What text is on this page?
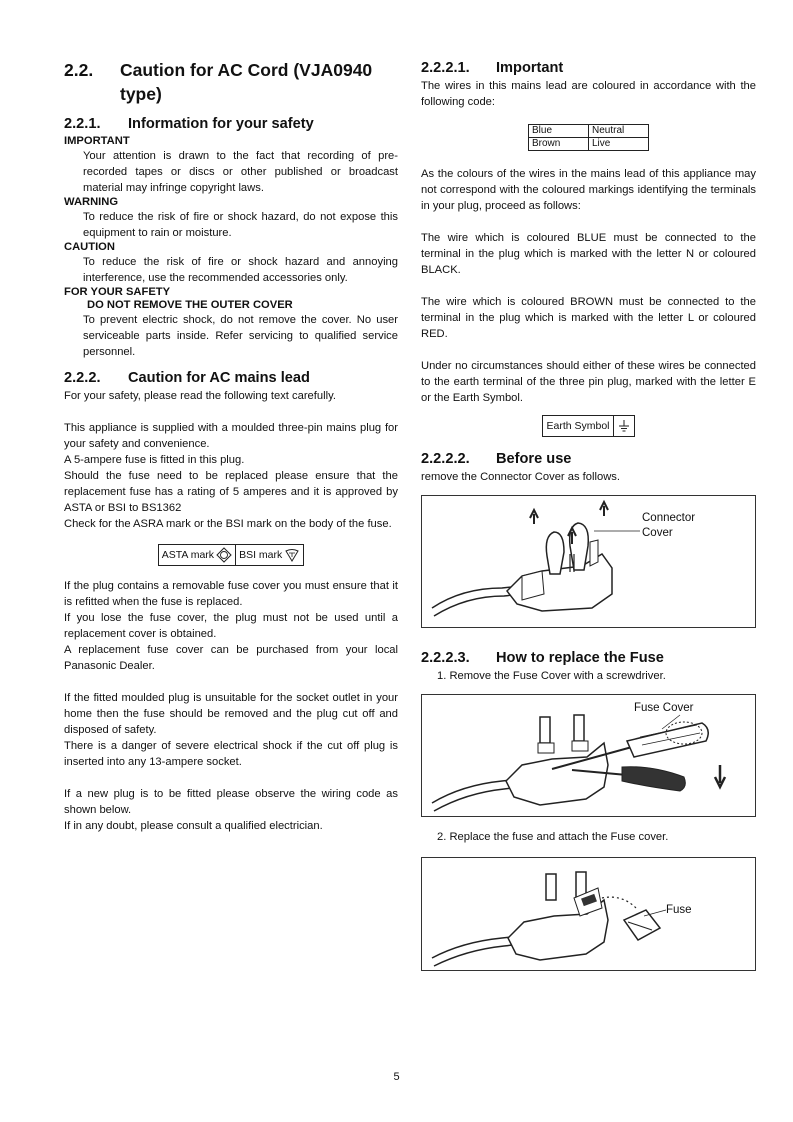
2.2.	Caution for AC Cord (VJA0940 type)
2.2.1.	Information for your safety

IMPORTANT

Your attention is drawn to the fact that recording of pre-recorded tapes or discs or other published or broadcast material may infringe copyright laws.

WARNING

To reduce the risk of fire or shock hazard, do not expose this equipment to rain or moisture.

CAUTION

To reduce the risk of fire or shock hazard and annoying interference, use the recommended accessories only.

FOR YOUR SAFETY

DO NOT REMOVE THE OUTER COVER

To prevent electric shock, do not remove the cover. No user serviceable parts inside. Refer servicing to qualified service personnel.

2.2.2.	Caution for AC mains lead

For your safety, please read the following text carefully.

This appliance is supplied with a moulded three-pin mains plug for your safety and convenience.

A 5-ampere fuse is fitted in this plug.

Should the fuse need to be replaced please ensure that the replacement fuse has a rating of 5 amperes and it is approved by ASTA or BSI to BS1362

Check for the ASRA mark or the BSI mark on the body of the fuse.

ASTA mark BSI mark

If the plug contains a removable fuse cover you must ensure that it is refitted when the fuse is replaced.

If you lose the fuse cover, the plug must not be used until a replacement cover is obtained.

A replacement fuse cover can be purchased from your local Panasonic Dealer.

If the fitted moulded plug is unsuitable for the socket outlet in your home then the fuse should be removed and the plug cut off and disposed of safety.

There is a danger of severe electrical shock if the cut off plug is inserted into any 13-ampere socket.

If a new plug is to be fitted please observe the wiring code as shown below.

If in any doubt, please consult a qualified electrician.

2.2.2.1.	Important

The wires in this mains lead are coloured in accordance with the following code:

Blue	Neutral
Brown	Live

As the colours of the wires in the mains lead of this appliance may not correspond with the coloured markings identifying the terminals in your plug, proceed as follows:

The wire which is coloured BLUE must be connected to the terminal in the plug which is marked with the letter N or coloured BLACK.

The wire which is coloured BROWN must be connected to the terminal in the plug which is marked with the letter L or coloured RED.

Under no circumstances should either of these wires be connected to the earth terminal of the three pin plug, marked with the letter E or the Earth Symbol.

Earth Symbol
2.2.2.2.	Before use

remove the Connector Cover as follows.

Connector Cover
2.2.2.3.	How to replace the Fuse

1. Remove the Fuse Cover with a screwdriver.

Fuse Cover

2. Replace the fuse and attach the Fuse cover.

Fuse
5
